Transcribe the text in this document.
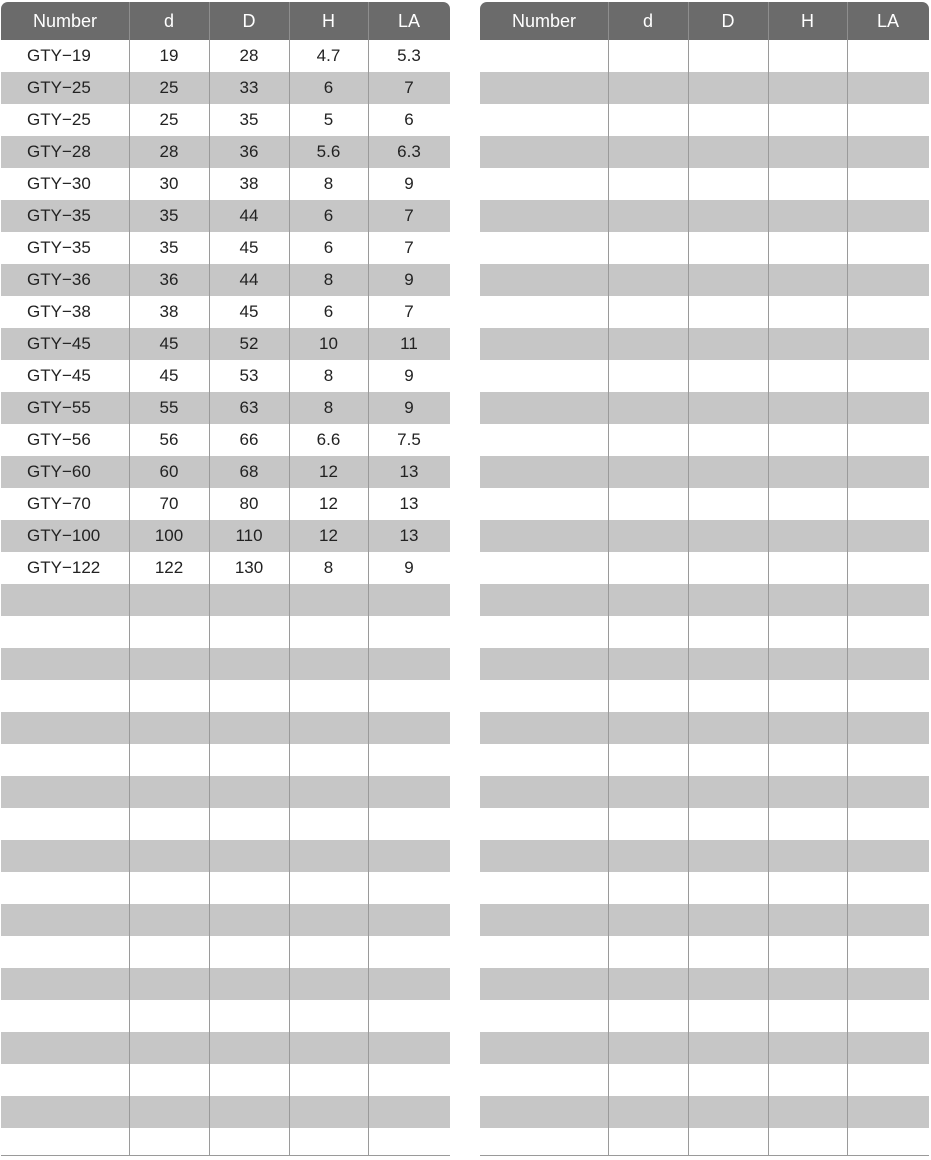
Number	d	D	H	LA
GTY−19	19	28	4.7	5.3
GTY−25	25	33	6	7
GTY−25	25	35	5	6
GTY−28	28	36	5.6	6.3
GTY−30	30	38	8	9
GTY−35	35	44	6	7
GTY−35	35	45	6	7
GTY−36	36	44	8	9
GTY−38	38	45	6	7
GTY−45	45	52	10	11
GTY−45	45	53	8	9
GTY−55	55	63	8	9
GTY−56	56	66	6.6	7.5
GTY−60	60	68	12	13
GTY−70	70	80	12	13
GTY−100	100	110	12	13
GTY−122	122	130	8	9
Number	d	D	H	LA
